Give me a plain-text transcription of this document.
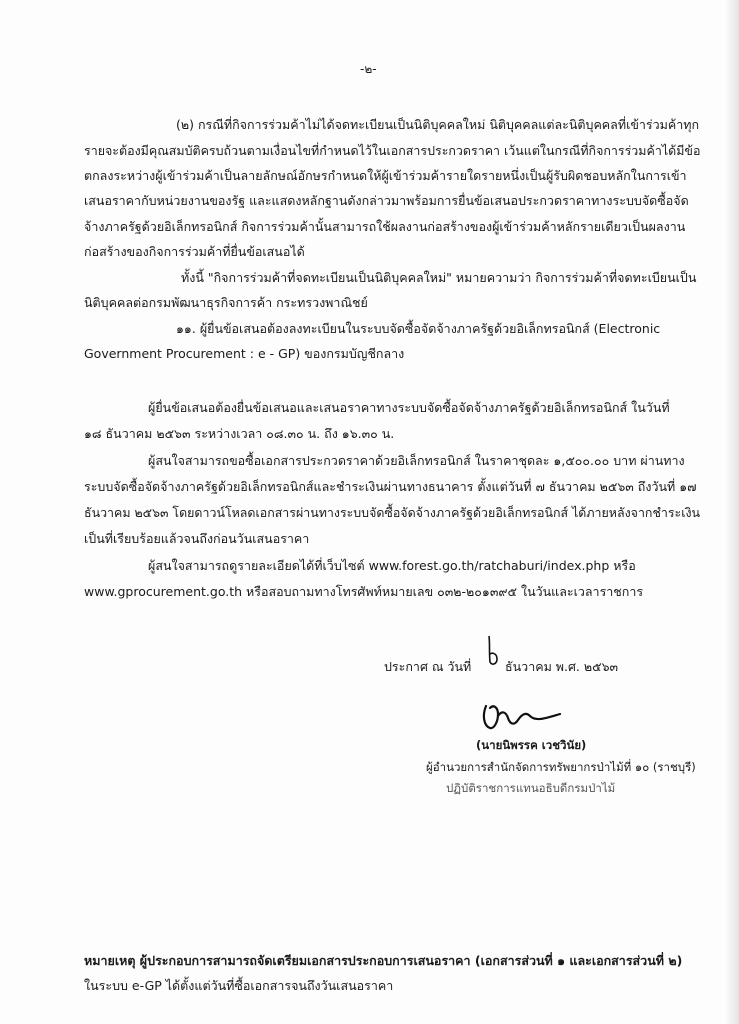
-๒-
(๒) กรณีที่กิจการร่วมค้าไม่ได้จดทะเบียนเป็นนิติบุคคลใหม่ นิติบุคคลแต่ละนิติบุคคลที่เข้าร่วมค้าทุก
รายจะต้องมีคุณสมบัติครบถ้วนตามเงื่อนไขที่กำหนดไว้ในเอกสารประกวดราคา เว้นแต่ในกรณีที่กิจการร่วมค้าได้มีข้อ
ตกลงระหว่างผู้เข้าร่วมค้าเป็นลายลักษณ์อักษรกำหนดให้ผู้เข้าร่วมค้ารายใดรายหนึ่งเป็นผู้รับผิดชอบหลักในการเข้า
เสนอราคากับหน่วยงานของรัฐ และแสดงหลักฐานดังกล่าวมาพร้อมการยื่นข้อเสนอประกวดราคาทางระบบจัดซื้อจัด
จ้างภาครัฐด้วยอิเล็กทรอนิกส์ กิจการร่วมค้านั้นสามารถใช้ผลงานก่อสร้างของผู้เข้าร่วมค้าหลักรายเดียวเป็นผลงาน
ก่อสร้างของกิจการร่วมค้าที่ยื่นข้อเสนอได้
ทั้งนี้ "กิจการร่วมค้าที่จดทะเบียนเป็นนิติบุคคลใหม่" หมายความว่า กิจการร่วมค้าที่จดทะเบียนเป็น
นิติบุคคลต่อกรมพัฒนาธุรกิจการค้า กระทรวงพาณิชย์
๑๑. ผู้ยื่นข้อเสนอต้องลงทะเบียนในระบบจัดซื้อจัดจ้างภาครัฐด้วยอิเล็กทรอนิกส์ (Electronic
Government Procurement : e - GP) ของกรมบัญชีกลาง
ผู้ยื่นข้อเสนอต้องยื่นข้อเสนอและเสนอราคาทางระบบจัดซื้อจัดจ้างภาครัฐด้วยอิเล็กทรอนิกส์ ในวันที่
๑๘ ธันวาคม ๒๕๖๓ ระหว่างเวลา ๐๘.๓๐ น. ถึง ๑๖.๓๐ น.
ผู้สนใจสามารถขอซื้อเอกสารประกวดราคาด้วยอิเล็กทรอนิกส์ ในราคาชุดละ ๑,๕๐๐.๐๐ บาท ผ่านทาง
ระบบจัดซื้อจัดจ้างภาครัฐด้วยอิเล็กทรอนิกส์และชำระเงินผ่านทางธนาคาร ตั้งแต่วันที่ ๗ ธันวาคม ๒๕๖๓ ถึงวันที่ ๑๗
ธันวาคม ๒๕๖๓ โดยดาวน์โหลดเอกสารผ่านทางระบบจัดซื้อจัดจ้างภาครัฐด้วยอิเล็กทรอนิกส์ ได้ภายหลังจากชำระเงิน
เป็นที่เรียบร้อยแล้วจนถึงก่อนวันเสนอราคา
ผู้สนใจสามารถดูรายละเอียดได้ที่เว็บไซต์ www.forest.go.th/ratchaburi/index.php หรือ
www.gprocurement.go.th หรือสอบถามทางโทรศัพท์หมายเลข ๐๓๒-๒๐๑๓๙๕ ในวันและเวลาราชการ
ประกาศ ณ วันที่	ธันวาคม พ.ศ. ๒๕๖๓
(นายนิพรรค เวชวินัย)
ผู้อำนวยการสำนักจัดการทรัพยากรป่าไม้ที่ ๑๐ (ราชบุรี)
ปฏิบัติราชการแทนอธิบดีกรมป่าไม้
หมายเหตุ ผู้ประกอบการสามารถจัดเตรียมเอกสารประกอบการเสนอราคา (เอกสารส่วนที่ ๑ และเอกสารส่วนที่ ๒)
ในระบบ e-GP ได้ตั้งแต่วันที่ซื้อเอกสารจนถึงวันเสนอราคา
